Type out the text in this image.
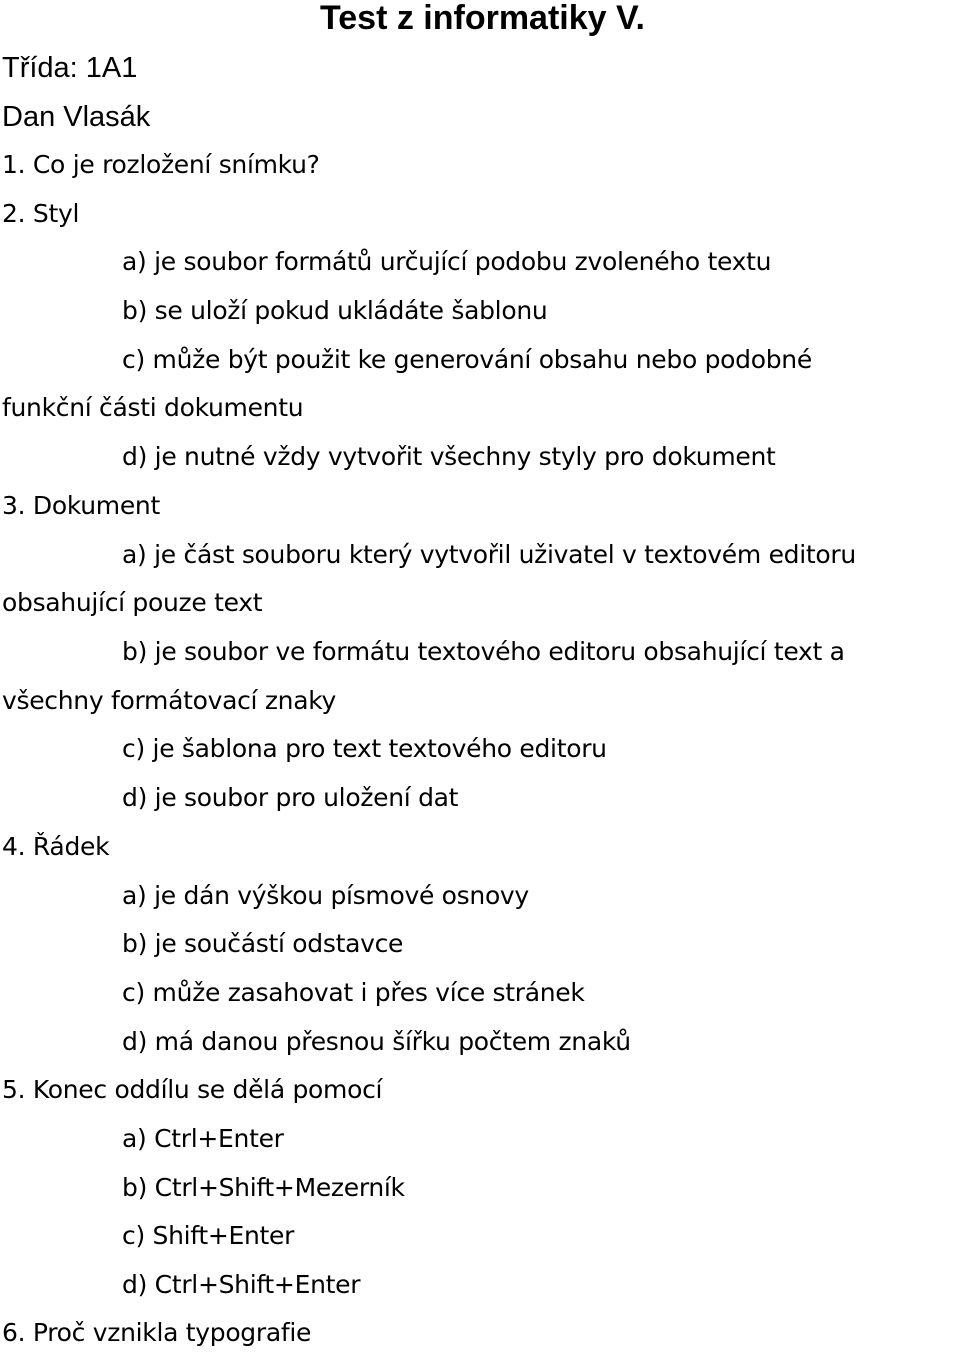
Test z informatiky V.

Třída: 1A1

Dan Vlasák

1. Co je rozložení snímku?

2. Styl

a) je soubor formátů určující podobu zvoleného textu

b) se uloží pokud ukládáte šablonu

c) může být použit ke generování obsahu nebo podobné

funkční části dokumentu

d) je nutné vždy vytvořit všechny styly pro dokument

3. Dokument

a) je část souboru který vytvořil uživatel v textovém editoru

obsahující pouze text

b) je soubor ve formátu textového editoru obsahující text a

všechny formátovací znaky

c) je šablona pro text textového editoru

d) je soubor pro uložení dat

4. Řádek

a) je dán výškou písmové osnovy

b) je součástí odstavce

c) může zasahovat i přes více stránek

d) má danou přesnou šířku počtem znaků

5. Konec oddílu se dělá pomocí

a) Ctrl+Enter

b) Ctrl+Shift+Mezerník

c) Shift+Enter

d) Ctrl+Shift+Enter

6. Proč vznikla typografie
